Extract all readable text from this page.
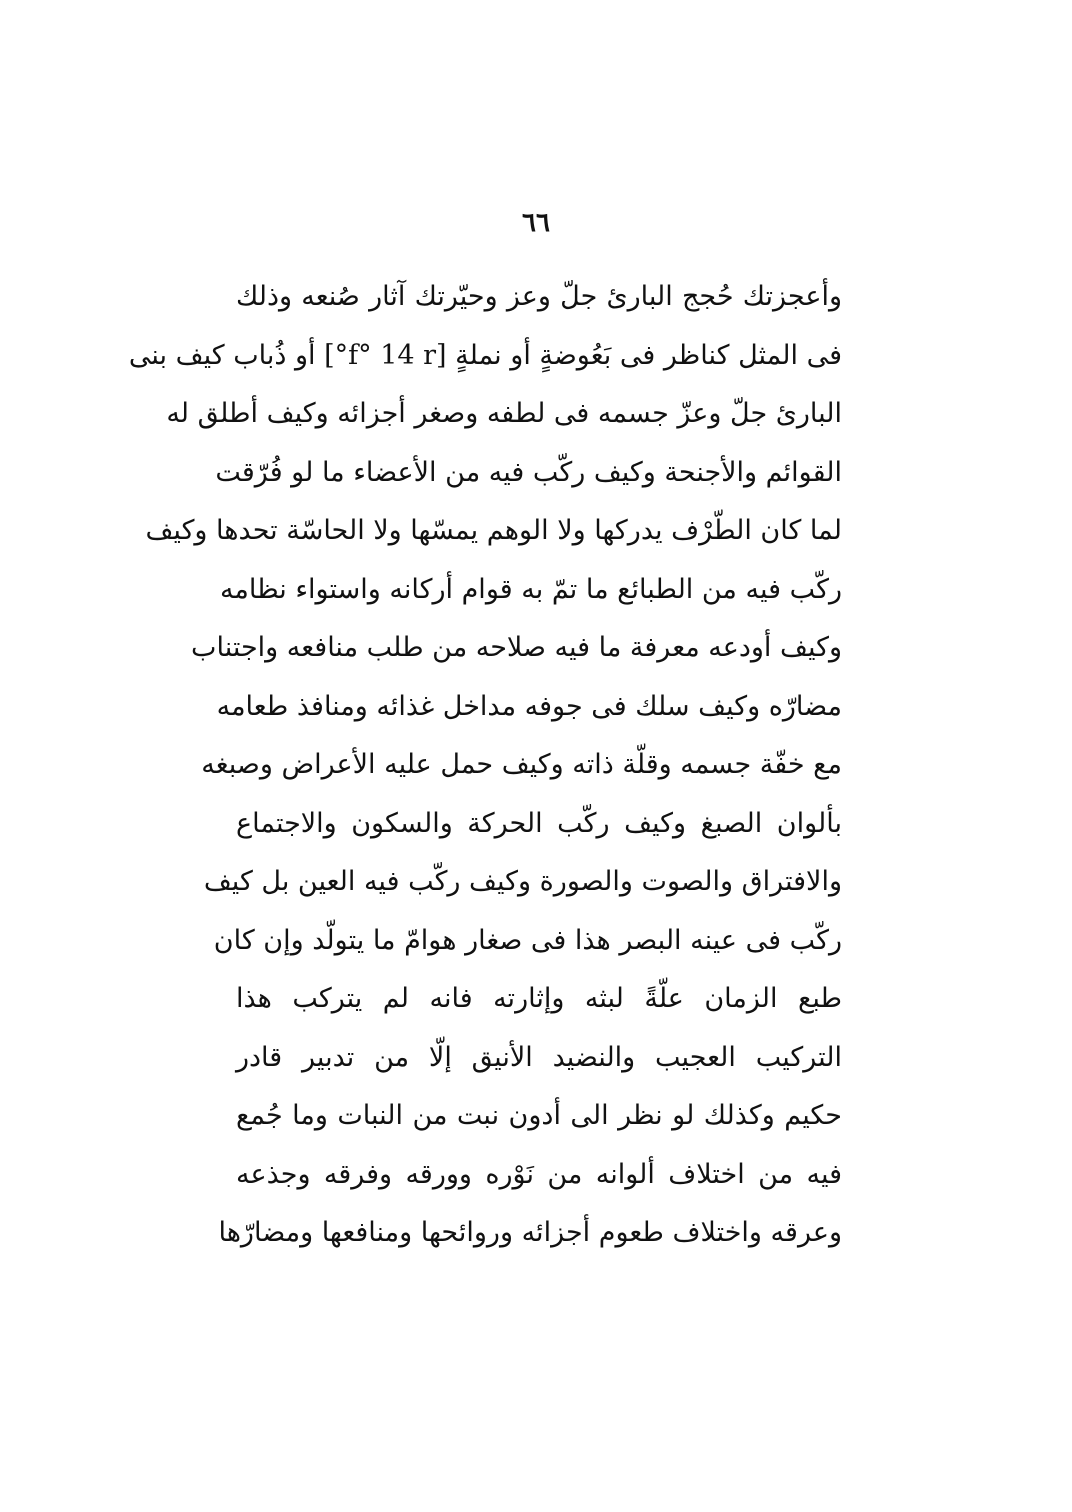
٦٦
وأعجزتك حُجج البارئ جلّ وعز وحيّرتك آثار صُنعه وذلك
فى المثل كناظر فى بَعُوضةٍ أو نملةٍ [f° 14 r°] أو ذُباب كيف بنى
البارئ جلّ وعزّ جسمه فى لطفه وصغر أجزائه وكيف أطلق له
القوائم والأجنحة وكيف ركّب فيه من الأعضاء ما لو فُرّقت
لما كان الطّرْف يدركها ولا الوهم يمسّها ولا الحاسّة تحدها وكيف
ركّب فيه من الطبائع ما تمّ به قوام أركانه واستواء نظامه
وكيف أودعه معرفة ما فيه صلاحه من طلب منافعه واجتناب
مضارّه وكيف سلك فى جوفه مداخل غذائه ومنافذ طعامه
مع خفّة جسمه وقلّة ذاته وكيف حمل عليه الأعراض وصبغه
بألوان الصبغ وكيف ركّب الحركة والسكون والاجتماع
والافتراق والصوت والصورة وكيف ركّب فيه العين بل كيف
ركّب فى عينه البصر هذا فى صغار هوامّ ما يتولّد وإن كان
طبع الزمان علّةً لبثه وإثارته فانه لم يتركب هذا
التركيب العجيب والنضيد الأنيق إلّا من تدبير قادر
حكيم وكذلك لو نظر الى أدون نبت من النبات وما جُمع
فيه من اختلاف ألوانه من نَوْره وورقه وفرقه وجذعه
وعرقه واختلاف طعوم أجزائه وروائحها ومنافعها ومضارّها
